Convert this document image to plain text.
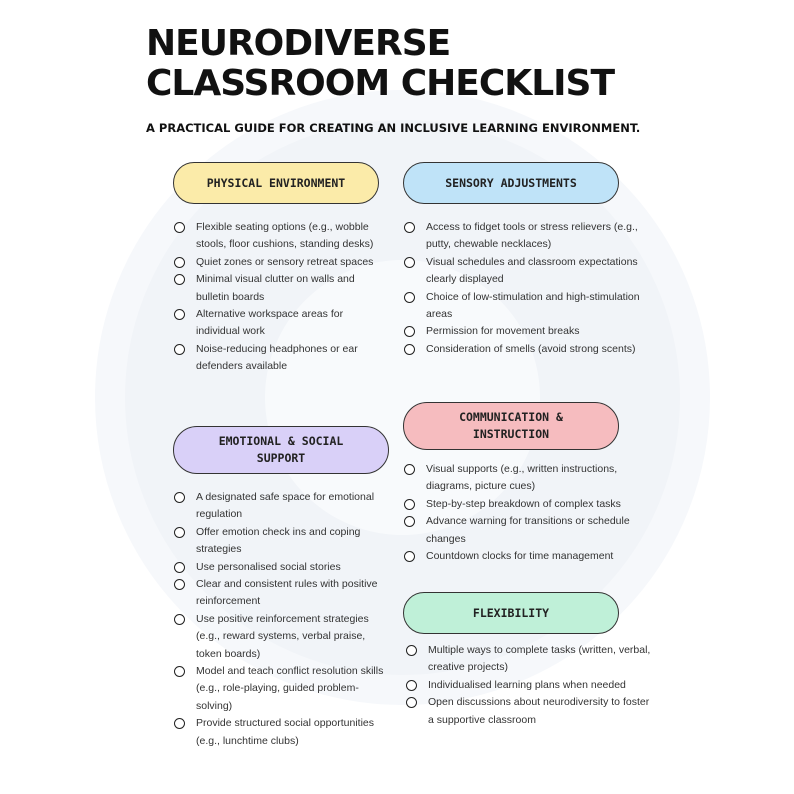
NEURODIVERSE
CLASSROOM CHECKLIST

A PRACTICAL GUIDE FOR CREATING AN INCLUSIVE LEARNING ENVIRONMENT.

PHYSICAL ENVIRONMENT
Flexible seating options (e.g., wobble stools, floor cushions, standing desks)
Quiet zones or sensory retreat spaces
Minimal visual clutter on walls and bulletin boards
Alternative workspace areas for individual work
Noise-reducing headphones or ear defenders available
SENSORY ADJUSTMENTS
Access to fidget tools or stress relievers (e.g., putty, chewable necklaces)
Visual schedules and classroom expectations clearly displayed
Choice of low-stimulation and high-stimulation areas
Permission for movement breaks
Consideration of smells (avoid strong scents)
EMOTIONAL & SOCIAL SUPPORT
A designated safe space for emotional regulation
Offer emotion check ins and coping strategies
Use personalised social stories
Clear and consistent rules with positive reinforcement
Use positive reinforcement strategies (e.g., reward systems, verbal praise, token boards)
Model and teach conflict resolution skills (e.g., role-playing, guided problem-solving)
Provide structured social opportunities (e.g., lunchtime clubs)
COMMUNICATION & INSTRUCTION
Visual supports (e.g., written instructions, diagrams, picture cues)
Step-by-step breakdown of complex tasks
Advance warning for transitions or schedule changes
Countdown clocks for time management
FLEXIBILITY
Multiple ways to complete tasks (written, verbal, creative projects)
Individualised learning plans when needed
Open discussions about neurodiversity to foster a supportive classroom
